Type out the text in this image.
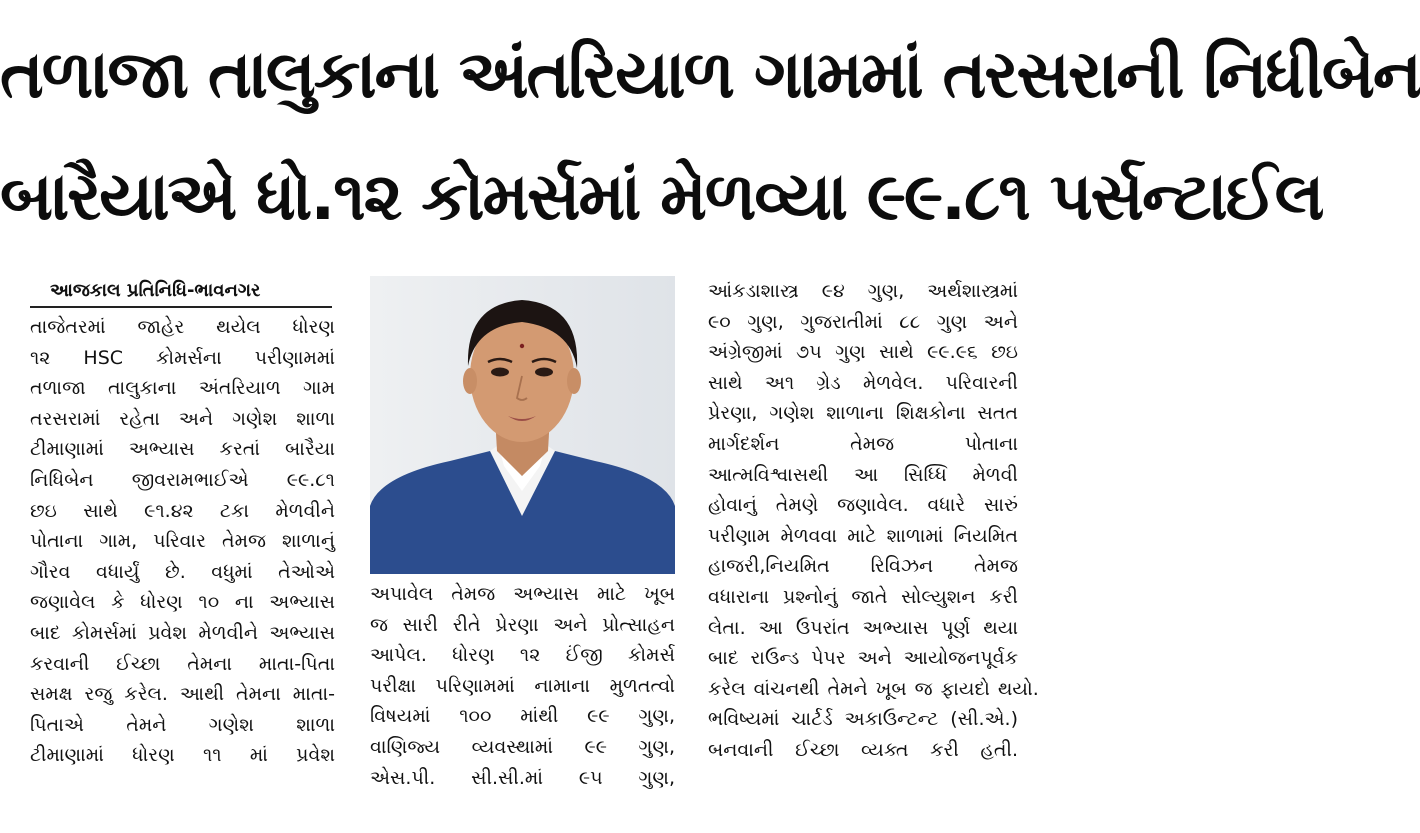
તળાજા તાલુકાના અંતરિયાળ ગામમાં તરસરાની નિધીબેન
બારૈયાએ ધો.૧૨ કોમર્સમાં મેળવ્યા ૯૯.૮૧ પર્સન્ટાઈલ
આજકાલ પ્રતિનિધિ-ભાવનગર
તાજેતરમાં જાહેર થયેલ ધોરણ
૧૨ HSC કોમર્સના પરીણામમાં
તળાજા તાલુકાના અંતરિયાળ ગામ
તરસરામાં રહેતા અને ગણેશ શાળા
ટીમાણામાં અભ્યાસ કરતાં બારૈયા
નિધિબેન જીવરામભાઈએ ૯૯.૮૧
છઇ સાથે ૯૧.૪૨ ટકા મેળવીને
પોતાના ગામ, પરિવાર તેમજ શાળાનું
ગૌરવ વધાર્યું છે. વધુમાં તેઓએ
જણાવેલ કે ધોરણ ૧૦ ના અભ્યાસ
બાદ કોમર્સમાં પ્રવેશ મેળવીને અભ્યાસ
કરવાની ઈચ્છા તેમના માતા-પિતા
સમક્ષ રજુ કરેલ. આથી તેમના માતા-
પિતાએ તેમને ગણેશ શાળા
ટીમાણામાં ધોરણ ૧૧ માં પ્રવેશ
અપાવેલ તેમજ અભ્યાસ માટે ખૂબ
જ સારી રીતે પ્રેરણા અને પ્રોત્સાહન
આપેલ. ધોરણ ૧૨ ઈંજી કોમર્સ
પરીક્ષા પરિણામમાં નામાના મુળતત્વો
વિષયમાં ૧૦૦ માંથી ૯૯ ગુણ,
વાણિજ્ય વ્યવસ્થામાં ૯૯ ગુણ,
એસ.પી. સી.સી.માં ૯૫ ગુણ,
આંકડાશાસ્ત્ર ૯૪ ગુણ, અર્થશાસ્ત્રમાં
૯૦ ગુણ, ગુજરાતીમાં ૮૮ ગુણ અને
અંગ્રેજીમાં ૭૫ ગુણ સાથે ૯૯.૯૬ છઇ
સાથે અ૧ ગ્રેડ મેળવેલ. પરિવારની
પ્રેરણા, ગણેશ શાળાના શિક્ષકોના સતત
માર્ગદર્શન તેમજ પોતાના
આત્મવિશ્વાસથી આ સિધ્ધિ મેળવી
હોવાનું તેમણે જણાવેલ. વધારે સારું
પરીણામ મેળવવા માટે શાળામાં નિયમિત
હાજરી,નિયમિત રિવિઝન તેમજ
વધારાના પ્રશ્નોનું જાતે સોલ્યુશન કરી
લેતા. આ ઉપરાંત અભ્યાસ પૂર્ણ થયા
બાદ રાઉન્ડ પેપર અને આયોજનપૂર્વક
કરેલ વાંચનથી તેમને ખૂબ જ ફાયદો થયો.
ભવિષ્યમાં ચાર્ટર્ડ અકાઉન્ટન્ટ (સી.એ.)
બનવાની ઈચ્છા વ્યક્ત કરી હતી.
